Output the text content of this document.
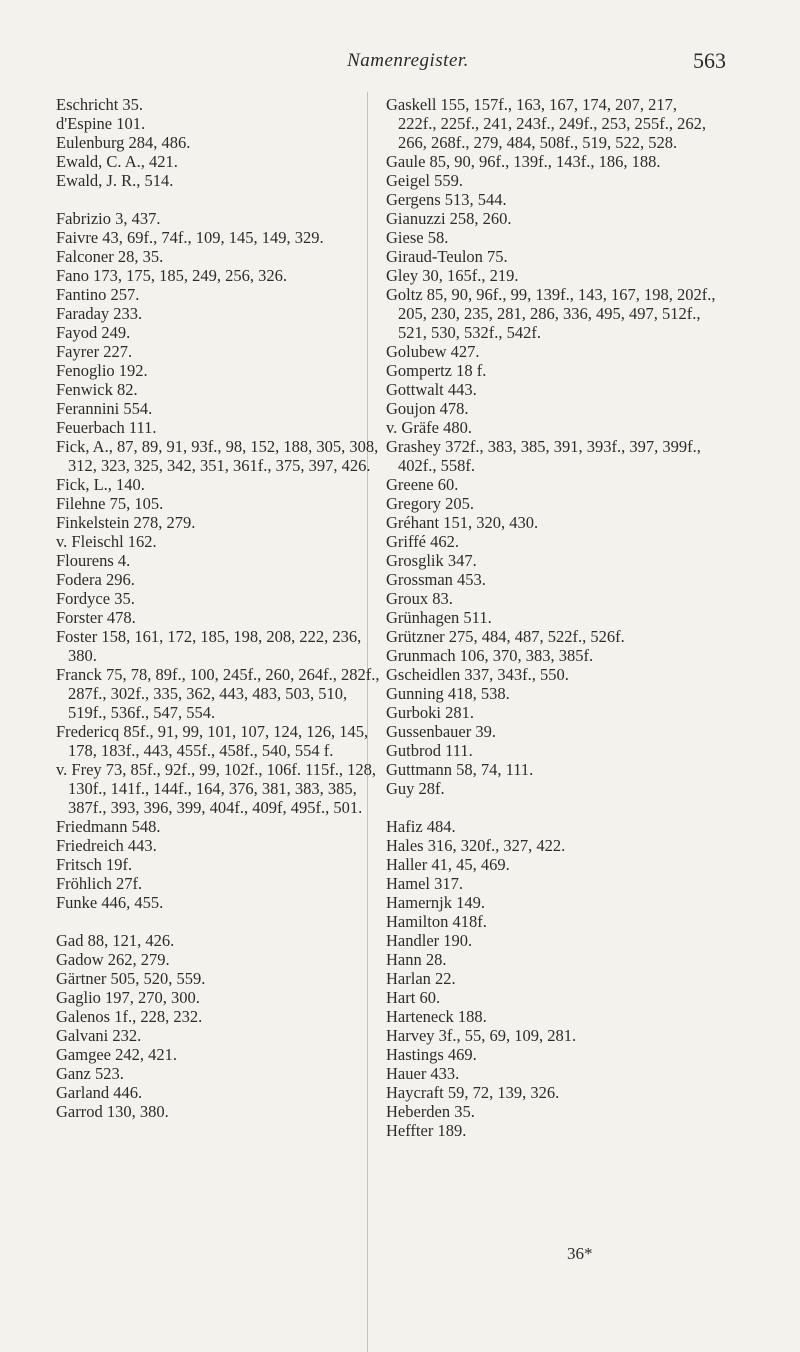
Namenregister.	563

Eschricht 35.

d'Espine 101.

Eulenburg 284, 486.

Ewald, C. A., 421.

Ewald, J. R., 514.

Fabrizio 3, 437.

Faivre 43, 69f., 74f., 109, 145, 149, 329.

Falconer 28, 35.

Fano 173, 175, 185, 249, 256, 326.

Fantino 257.

Faraday 233.

Fayod 249.

Fayrer 227.

Fenoglio 192.

Fenwick 82.

Ferannini 554.

Feuerbach 111.

Fick, A., 87, 89, 91, 93f., 98, 152, 188, 305, 308, 312, 323, 325, 342, 351, 361f., 375, 397, 426.

Fick, L., 140.

Filehne 75, 105.

Finkelstein 278, 279.

v. Fleischl 162.

Flourens 4.

Fodera 296.

Fordyce 35.

Forster 478.

Foster 158, 161, 172, 185, 198, 208, 222, 236, 380.

Franck 75, 78, 89f., 100, 245f., 260, 264f., 282f., 287f., 302f., 335, 362, 443, 483, 503, 510, 519f., 536f., 547, 554.

Fredericq 85f., 91, 99, 101, 107, 124, 126, 145, 178, 183f., 443, 455f., 458f., 540, 554 f.

v. Frey 73, 85f., 92f., 99, 102f., 106f. 115f., 128, 130f., 141f., 144f., 164, 376, 381, 383, 385, 387f., 393, 396, 399, 404f., 409f, 495f., 501.

Friedmann 548.

Friedreich 443.

Fritsch 19f.

Fröhlich 27f.

Funke 446, 455.

Gad 88, 121, 426.

Gadow 262, 279.

Gärtner 505, 520, 559.

Gaglio 197, 270, 300.

Galenos 1f., 228, 232.

Galvani 232.

Gamgee 242, 421.

Ganz 523.

Garland 446.

Garrod 130, 380.

Gaskell 155, 157f., 163, 167, 174, 207, 217, 222f., 225f., 241, 243f., 249f., 253, 255f., 262, 266, 268f., 279, 484, 508f., 519, 522, 528.

Gaule 85, 90, 96f., 139f., 143f., 186, 188.

Geigel 559.

Gergens 513, 544.

Gianuzzi 258, 260.

Giese 58.

Giraud-Teulon 75.

Gley 30, 165f., 219.

Goltz 85, 90, 96f., 99, 139f., 143, 167, 198, 202f., 205, 230, 235, 281, 286, 336, 495, 497, 512f., 521, 530, 532f., 542f.

Golubew 427.

Gompertz 18 f.

Gottwalt 443.

Goujon 478.

v. Gräfe 480.

Grashey 372f., 383, 385, 391, 393f., 397, 399f., 402f., 558f.

Greene 60.

Gregory 205.

Gréhant 151, 320, 430.

Griffé 462.

Grosglik 347.

Grossman 453.

Groux 83.

Grünhagen 511.

Grützner 275, 484, 487, 522f., 526f.

Grunmach 106, 370, 383, 385f.

Gscheidlen 337, 343f., 550.

Gunning 418, 538.

Gurboki 281.

Gussenbauer 39.

Gutbrod 111.

Guttmann 58, 74, 111.

Guy 28f.

Hafiz 484.

Hales 316, 320f., 327, 422.

Haller 41, 45, 469.

Hamel 317.

Hamernjk 149.

Hamilton 418f.

Handler 190.

Hann 28.

Harlan 22.

Hart 60.

Harteneck 188.

Harvey 3f., 55, 69, 109, 281.

Hastings 469.

Hauer 433.

Haycraft 59, 72, 139, 326.

Heberden 35.

Heffter 189.

36*
